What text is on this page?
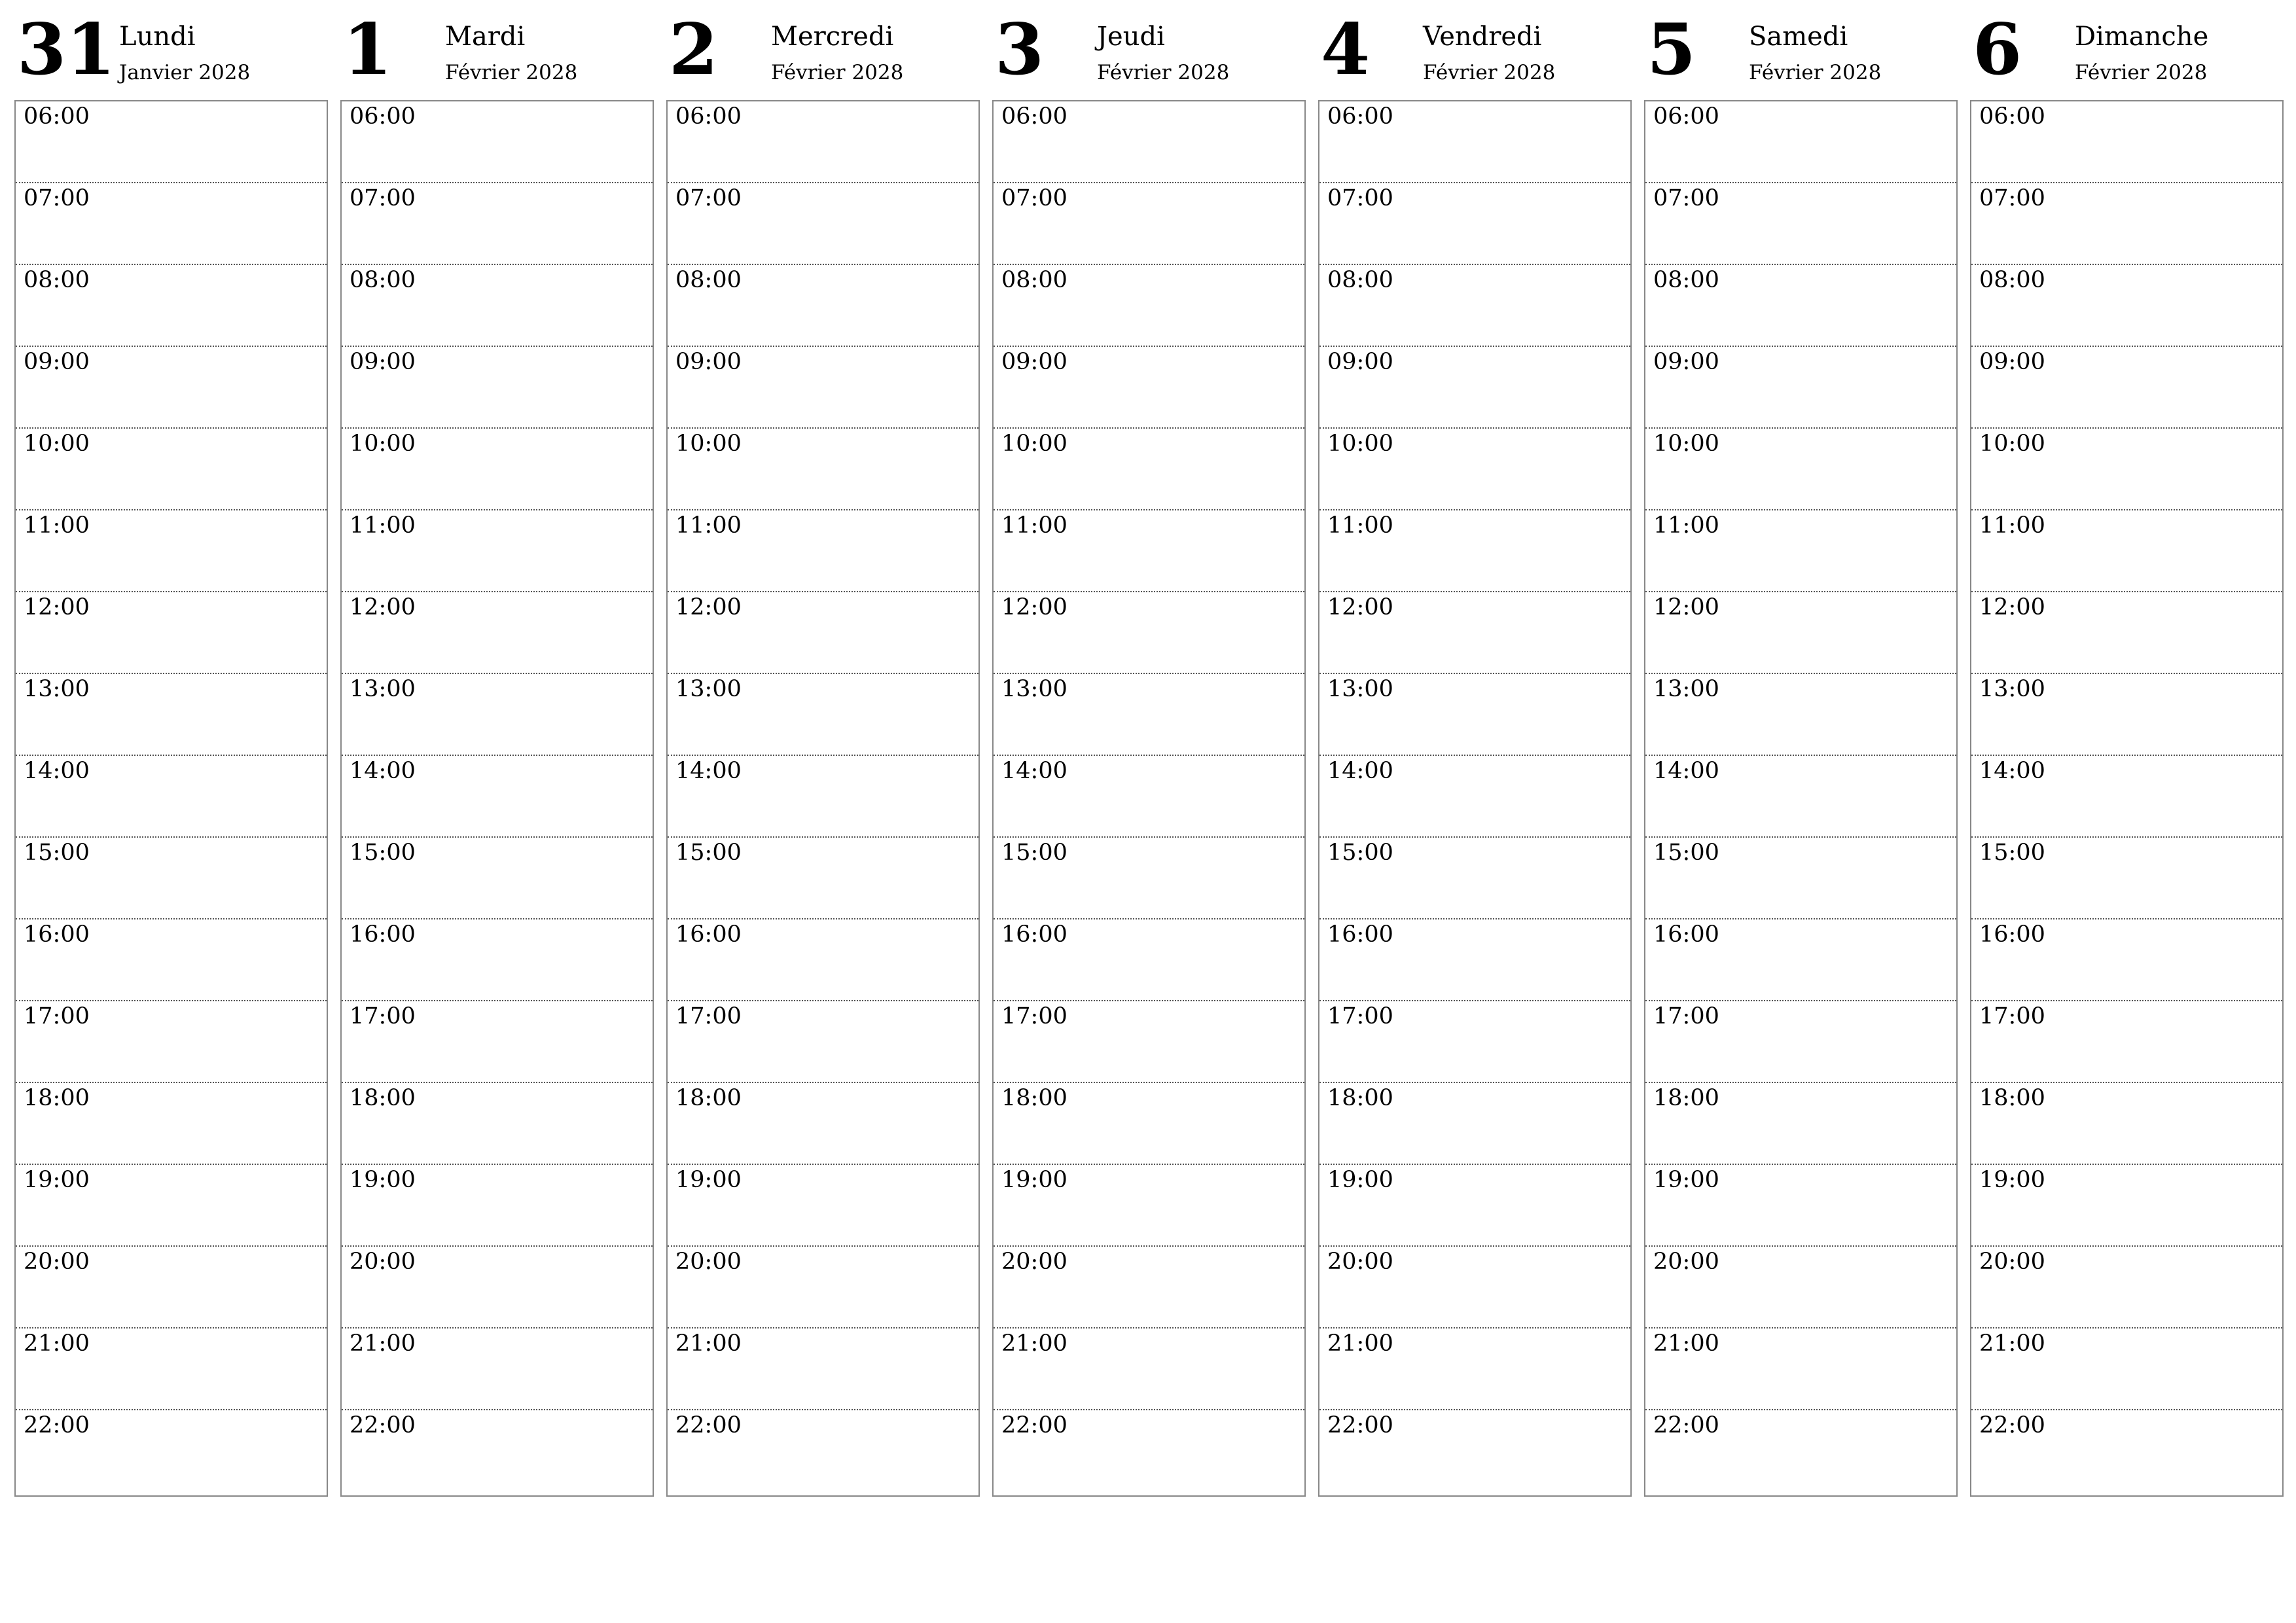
31 Lundi
Janvier 2028
06:00
07:00
08:00
09:00
10:00
11:00
12:00
13:00
14:00
15:00
16:00
17:00
18:00
19:00
20:00
21:00
22:00
1 Mardi
Février 2028
06:00
07:00
08:00
09:00
10:00
11:00
12:00
13:00
14:00
15:00
16:00
17:00
18:00
19:00
20:00
21:00
22:00
2 Mercredi
Février 2028
06:00
07:00
08:00
09:00
10:00
11:00
12:00
13:00
14:00
15:00
16:00
17:00
18:00
19:00
20:00
21:00
22:00
3 Jeudi
Février 2028
06:00
07:00
08:00
09:00
10:00
11:00
12:00
13:00
14:00
15:00
16:00
17:00
18:00
19:00
20:00
21:00
22:00
4 Vendredi
Février 2028
06:00
07:00
08:00
09:00
10:00
11:00
12:00
13:00
14:00
15:00
16:00
17:00
18:00
19:00
20:00
21:00
22:00
5 Samedi
Février 2028
06:00
07:00
08:00
09:00
10:00
11:00
12:00
13:00
14:00
15:00
16:00
17:00
18:00
19:00
20:00
21:00
22:00
6 Dimanche
Février 2028
06:00
07:00
08:00
09:00
10:00
11:00
12:00
13:00
14:00
15:00
16:00
17:00
18:00
19:00
20:00
21:00
22:00
